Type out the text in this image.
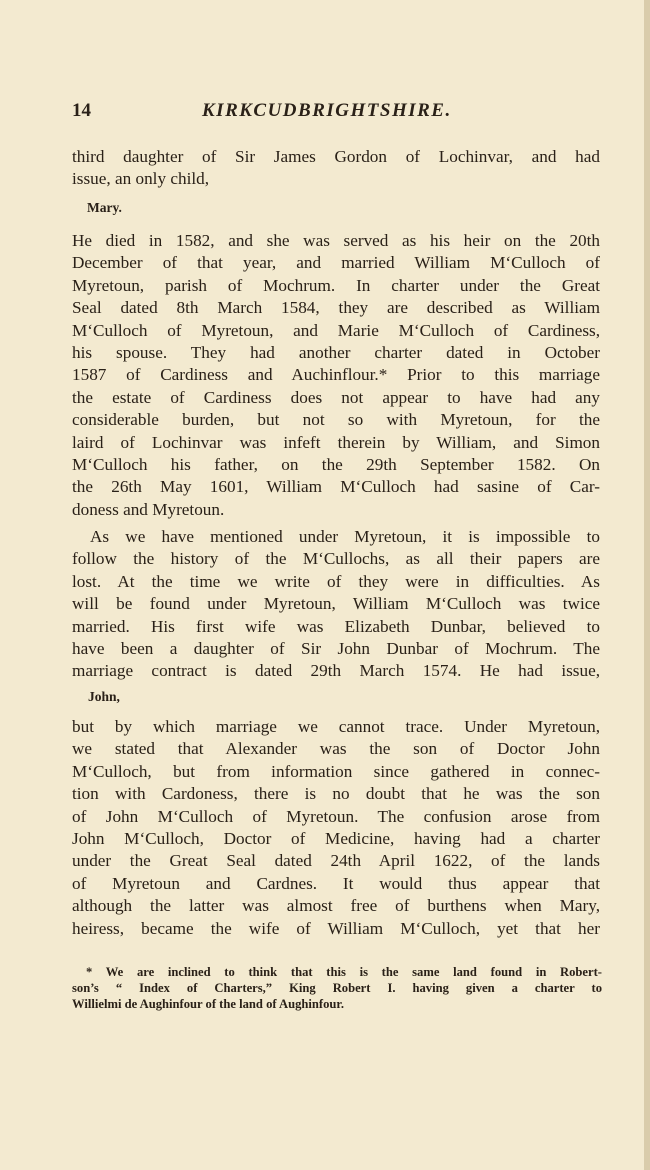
14	KIRKCUDBRIGHTSHIRE.

third daughter of Sir James Gordon of Lochinvar, and had
issue, an only child,

Mary.

He died in 1582, and she was served as his heir on the 20th
December of that year, and married William M‘Culloch of
Myretoun, parish of Mochrum. In charter under the Great
Seal dated 8th March 1584, they are described as William
M‘Culloch of Myretoun, and Marie M‘Culloch of Cardiness,
his spouse. They had another charter dated in October
1587 of Cardiness and Auchinflour.* Prior to this marriage
the estate of Cardiness does not appear to have had any
considerable burden, but not so with Myretoun, for the
laird of Lochinvar was infeft therein by William, and Simon
M‘Culloch his father, on the 29th September 1582. On
the 26th May 1601, William M‘Culloch had sasine of Car-
doness and Myretoun.

As we have mentioned under Myretoun, it is impossible to
follow the history of the M‘Cullochs, as all their papers are
lost. At the time we write of they were in difficulties. As
will be found under Myretoun, William M‘Culloch was twice
married. His first wife was Elizabeth Dunbar, believed to
have been a daughter of Sir John Dunbar of Mochrum. The
marriage contract is dated 29th March 1574. He had issue,

John,

but by which marriage we cannot trace. Under Myretoun,
we stated that Alexander was the son of Doctor John
M‘Culloch, but from information since gathered in connec-
tion with Cardoness, there is no doubt that he was the son
of John M‘Culloch of Myretoun. The confusion arose from
John M‘Culloch, Doctor of Medicine, having had a charter
under the Great Seal dated 24th April 1622, of the lands
of Myretoun and Cardnes. It would thus appear that
although the latter was almost free of burthens when Mary,
heiress, became the wife of William M‘Culloch, yet that her

* We are inclined to think that this is the same land found in Robert-
son’s “ Index of Charters,” King Robert I. having given a charter to
Willielmi de Aughinfour of the land of Aughinfour.
